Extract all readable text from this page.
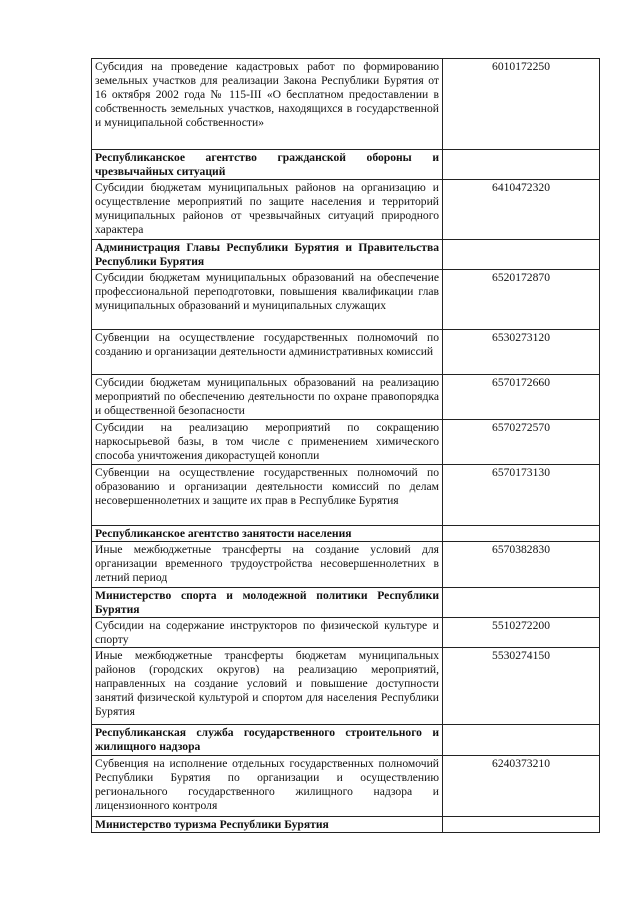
Субсидия на проведение кадастровых работ по формированию земельных участков для реализации Закона Республики Бурятия от 16 октября 2002 года № 115-III «О бесплатном предоставлении в собственность земельных участков, находящихся в государственной и муниципальной собственности»	6010172250
Республиканское агентство гражданской обороны и чрезвычайных ситуаций	
Субсидии бюджетам муниципальных районов на организацию и осуществление мероприятий по защите населения и территорий муниципальных районов от чрезвычайных ситуаций природного характера	6410472320
Администрация Главы Республики Бурятия и Правительства Республики Бурятия	
Субсидии бюджетам муниципальных образований на обеспечение профессиональной переподготовки, повышения квалификации глав муниципальных образований и муниципальных служащих	6520172870
Субвенции на осуществление государственных полномочий по созданию и организации деятельности административных комиссий	6530273120
Субсидии бюджетам муниципальных образований на реализацию мероприятий по обеспечению деятельности по охране правопорядка и общественной безопасности	6570172660
Субсидии на реализацию мероприятий по сокращению наркосырьевой базы, в том числе с применением химического способа уничтожения дикорастущей конопли	6570272570
Субвенции на осуществление государственных полномочий по образованию и организации деятельности комиссий по делам несовершеннолетних и защите их прав в Республике Бурятия	6570173130
Республиканское агентство занятости населения	
Иные межбюджетные трансферты на создание условий для организации временного трудоустройства несовершеннолетних в летний период	6570382830
Министерство спорта и молодежной политики Республики Бурятия	
Субсидии на содержание инструкторов по физической культуре и спорту	5510272200
Иные межбюджетные трансферты бюджетам муниципальных районов (городских округов) на реализацию мероприятий, направленных на создание условий и повышение доступности занятий физической культурой и спортом для населения Республики Бурятия	5530274150
Республиканская служба государственного строительного и жилищного надзора	
Субвенция на исполнение отдельных государственных полномочий Республики Бурятия по организации и осуществлению регионального государственного жилищного надзора и лицензионного контроля	6240373210
Министерство туризма Республики Бурятия	
